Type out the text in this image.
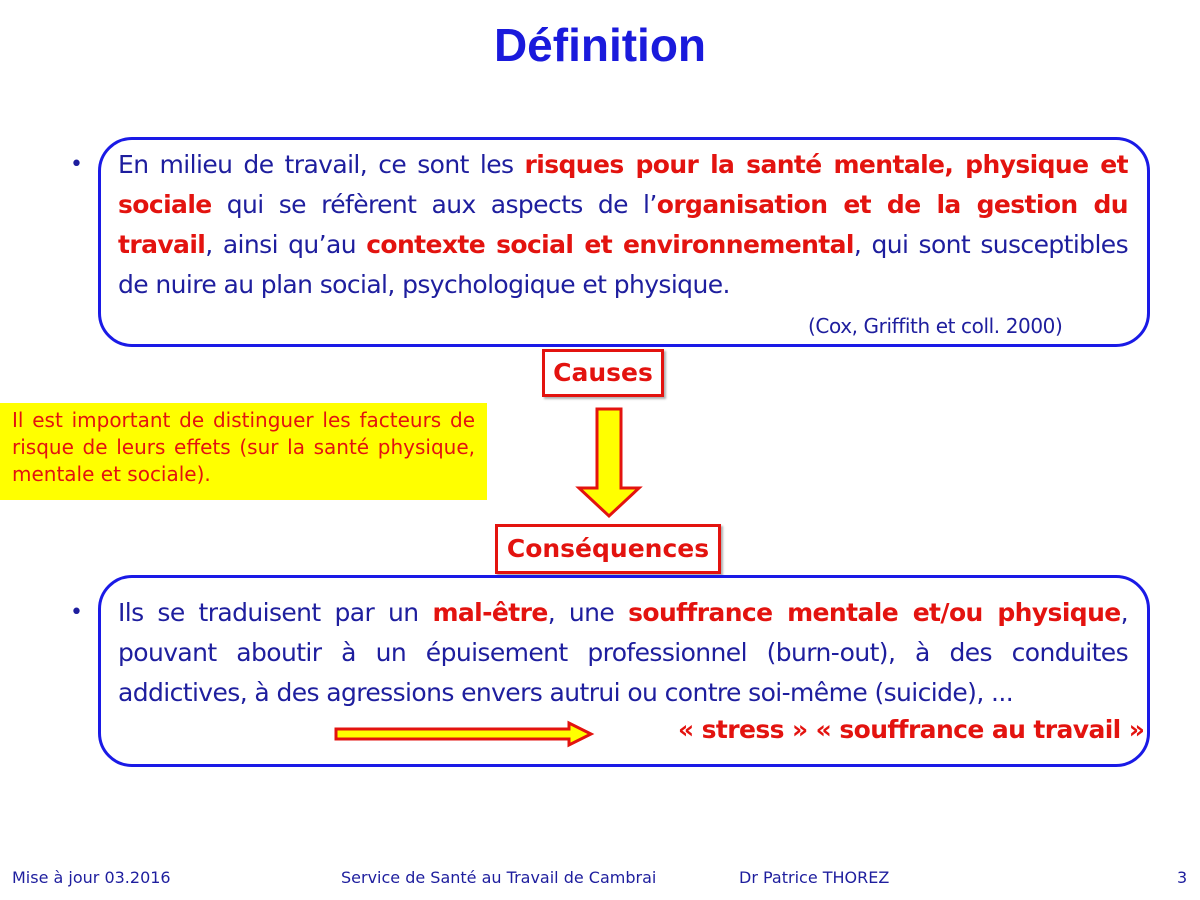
Définition
• En milieu de travail, ce sont les risques pour la santé mentale, physique et sociale qui se réfèrent aux aspects de l’organisation et de la gestion du travail, ainsi qu’au contexte social et environnemental, qui sont susceptibles de nuire au plan social, psychologique et physique.
(Cox, Griffith et coll. 2000)
Causes
Il est important de distinguer les facteurs de risque de leurs effets (sur la santé physique, mentale et sociale).
Conséquences
• Ils se traduisent par un mal-être, une souffrance mentale et/ou physique, pouvant aboutir à un épuisement professionnel (burn-out), à des conduites addictives, à des agressions envers autrui ou contre soi-même (suicide), ...
« stress » « souffrance au travail »
Mise à jour 03.2016	Service de Santé au Travail de Cambrai	Dr Patrice THOREZ	3
